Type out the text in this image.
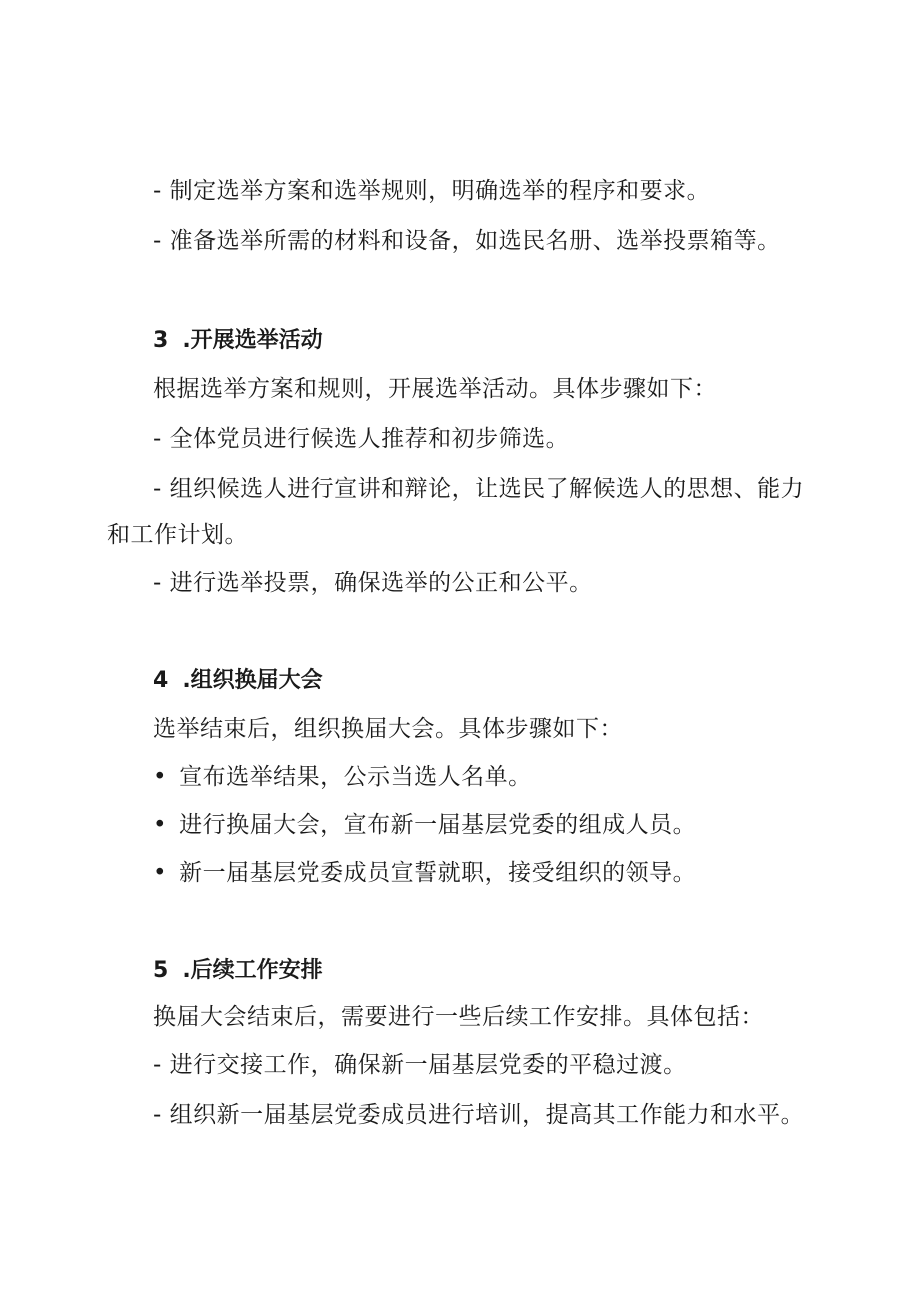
- 制定选举方案和选举规则，明确选举的程序和要求。
- 准备选举所需的材料和设备，如选民名册、选举投票箱等。
3 .开展选举活动
根据选举方案和规则，开展选举活动。具体步骤如下：
- 全体党员进行候选人推荐和初步筛选。
- 组织候选人进行宣讲和辩论，让选民了解候选人的思想、能力
和工作计划。
- 进行选举投票，确保选举的公正和公平。
4 .组织换届大会
选举结束后，组织换届大会。具体步骤如下：
• 宣布选举结果，公示当选人名单。
• 进行换届大会，宣布新一届基层党委的组成人员。
• 新一届基层党委成员宣誓就职，接受组织的领导。
5 .后续工作安排
换届大会结束后，需要进行一些后续工作安排。具体包括：
- 进行交接工作，确保新一届基层党委的平稳过渡。
- 组织新一届基层党委成员进行培训，提高其工作能力和水平。
